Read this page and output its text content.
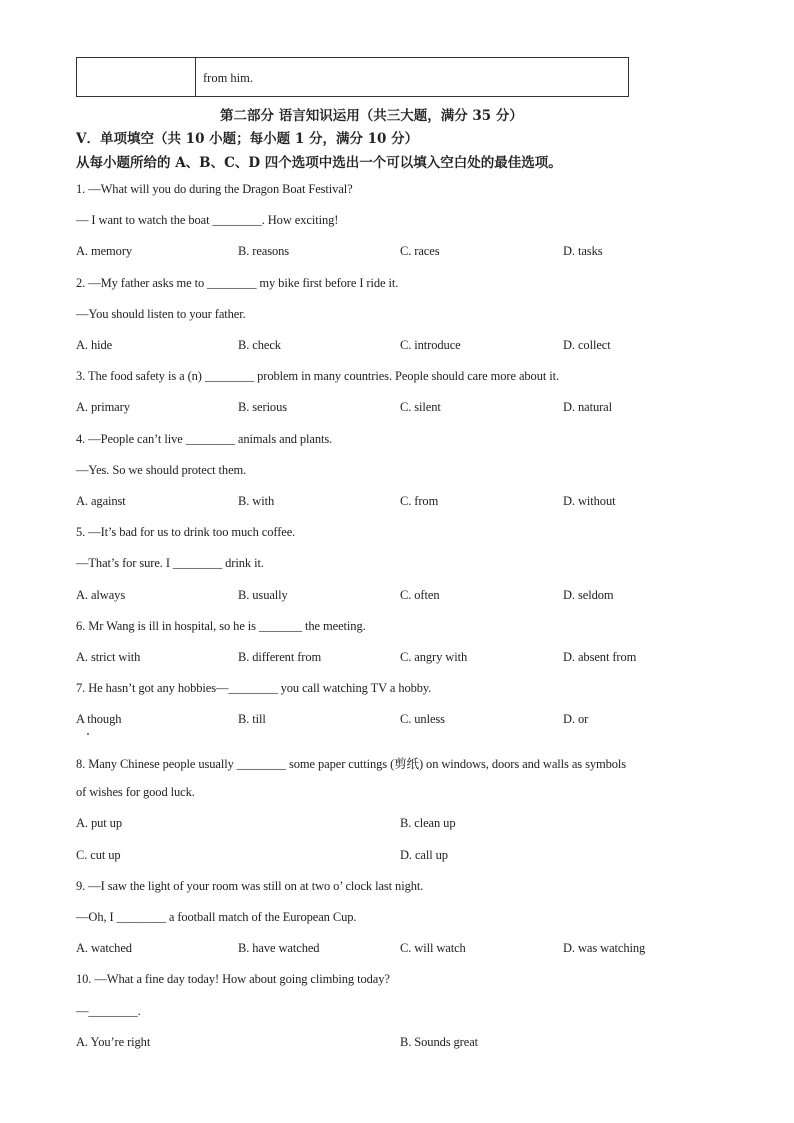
from him.
第二部分 语言知识运用（共三大题，满分 35 分）
V．单项填空（共 10 小题；每小题 1 分，满分 10 分）
从每小题所给的 A、B、C、D 四个选项中选出一个可以填入空白处的最佳选项。
1. —What will you do during the Dragon Boat Festival?
— I want to watch the boat ________. How exciting!
A. memory	B. reasons	C. races	D. tasks
2. —My father asks me to ________ my bike first before I ride it.
—You should listen to your father.
A. hide	B. check	C. introduce	D. collect
3. The food safety is a (n) ________ problem in many countries. People should care more about it.
A. primary	B. serious	C. silent	D. natural
4. —People can’t live ________ animals and plants.
—Yes. So we should protect them.
A. against	B. with	C. from	D. without
5. —It’s bad for us to drink too much coffee.
—That’s for sure. I ________ drink it.
A. always	B. usually	C. often	D. seldom
6. Mr Wang is ill in hospital, so he is _______ the meeting.
A. strict with	B. different from	C. angry with	D. absent from
7. He hasn’t got any hobbies—________ you call watching TV a hobby.
A though	B. till	C. unless	D. or
8. Many Chinese people usually ________ some paper cuttings (剪纸) on windows, doors and walls as symbols
of wishes for good luck.
A. put up	B. clean up
C. cut up	D. call up
9. —I saw the light of your room was still on at two o’ clock last night.
—Oh, I ________ a football match of the European Cup.
A. watched	B. have watched	C. will watch	D. was watching
10. —What a fine day today! How about going climbing today?
—________.
A. You’re right	B. Sounds great
